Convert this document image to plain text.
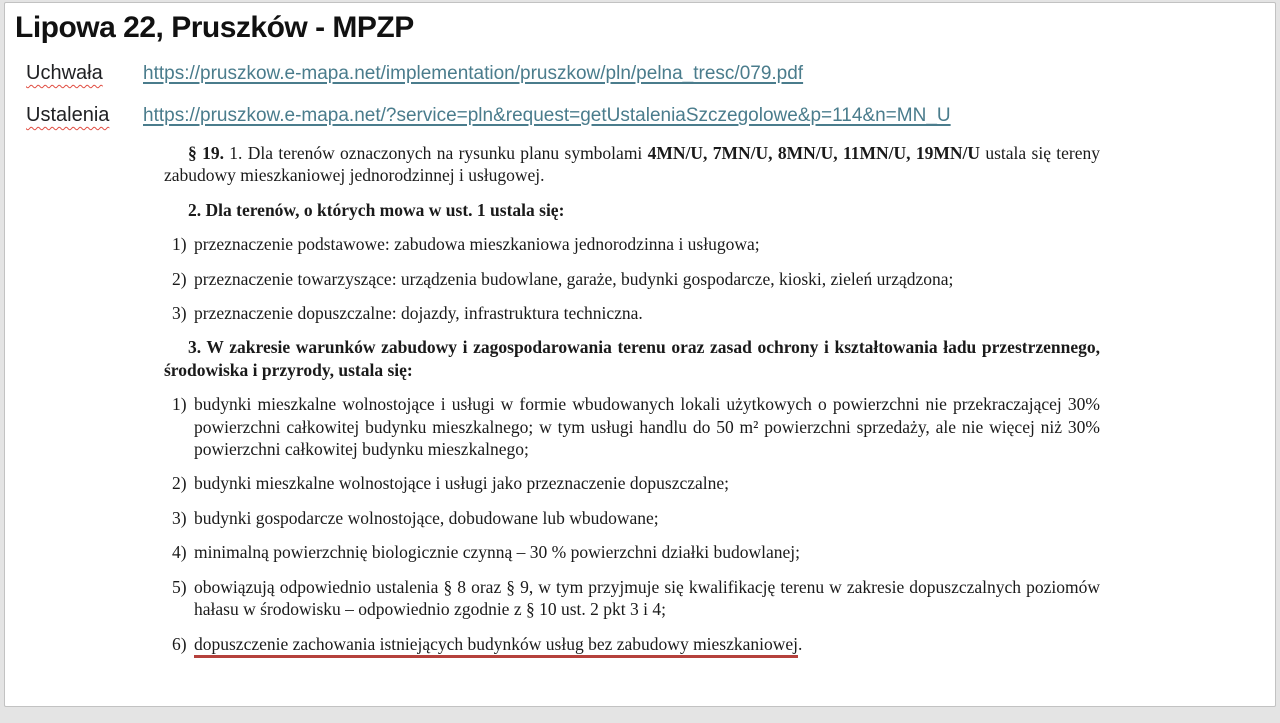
Lipowa 22, Pruszków - MPZP
Uchwała	https://pruszkow.e-mapa.net/implementation/pruszkow/pln/pelna_tresc/079.pdf
Ustalenia	https://pruszkow.e-mapa.net/?service=pln&request=getUstaleniaSzczegolowe&p=114&n=MN_U

§ 19. 1. Dla terenów oznaczonych na rysunku planu symbolami 4MN/U, 7MN/U, 8MN/U, 11MN/U, 19MN/U ustala się tereny zabudowy mieszkaniowej jednorodzinnej i usługowej.

2. Dla terenów, o których mowa w ust. 1 ustala się:

1) przeznaczenie podstawowe: zabudowa mieszkaniowa jednorodzinna i usługowa;
2) przeznaczenie towarzyszące: urządzenia budowlane, garaże, budynki gospodarcze, kioski, zieleń urządzona;
3) przeznaczenie dopuszczalne: dojazdy, infrastruktura techniczna.

3. W zakresie warunków zabudowy i zagospodarowania terenu oraz zasad ochrony i kształtowania ładu przestrzennego, środowiska i przyrody, ustala się:

1) budynki mieszkalne wolnostojące i usługi w formie wbudowanych lokali użytkowych o powierzchni nie przekraczającej 30% powierzchni całkowitej budynku mieszkalnego; w tym usługi handlu do 50 m² powierzchni sprzedaży, ale nie więcej niż 30% powierzchni całkowitej budynku mieszkalnego;
2) budynki mieszkalne wolnostojące i usługi jako przeznaczenie dopuszczalne;
3) budynki gospodarcze wolnostojące, dobudowane lub wbudowane;
4) minimalną powierzchnię biologicznie czynną – 30 % powierzchni działki budowlanej;
5) obowiązują odpowiednio ustalenia § 8 oraz § 9, w tym przyjmuje się kwalifikację terenu w zakresie dopuszczalnych poziomów hałasu w środowisku – odpowiednio zgodnie z § 10 ust. 2 pkt 3 i 4;
6) dopuszczenie zachowania istniejących budynków usług bez zabudowy mieszkaniowej.
